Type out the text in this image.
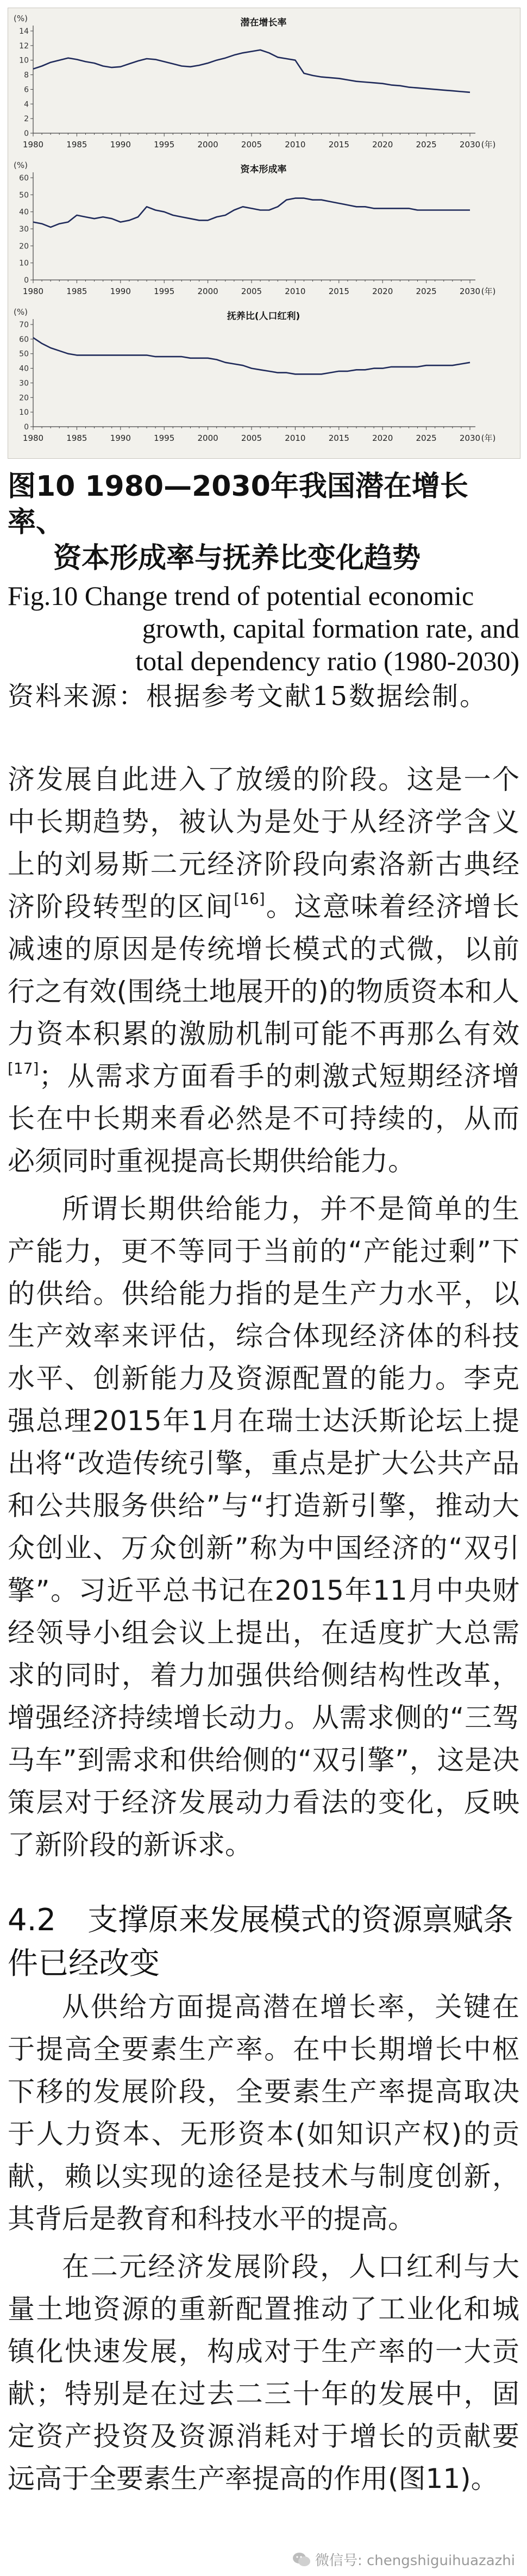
(%)	潜在增长率
0
2
4
6
8
10
12
14
1980	1985	1990	1995	2000	2005	2010	2015	2020	2025	2030 (年)
(%)	资本形成率
0
10
20
30
40
50
60
1980	1985	1990	1995	2000	2005	2010	2015	2020	2025	2030 (年)
(%)	抚养比(人口红利)
0
10
20
30
40
50
60
70
1980	1985	1990	1995	2000	2005	2010	2015	2020	2025	2030 (年)
图10 1980—2030年我国潜在增长率、
资本形成率与抚养比变化趋势
Fig.10 Change trend of potential economic
growth, capital formation rate, and
total dependency ratio (1980-2030)
资料来源：根据参考文献15数据绘制。

济发展自此进入了放缓的阶段。这是一个中长期趋势，被认为是处于从经济学含义上的刘易斯二元经济阶段向索洛新古典经济阶段转型的区间[16]。这意味着经济增长减速的原因是传统增长模式的式微，以前行之有效(围绕土地展开的)的物质资本和人力资本积累的激励机制可能不再那么有效[17]；从需求方面看手的刺激式短期经济增长在中长期来看必然是不可持续的，从而必须同时重视提高长期供给能力。

所谓长期供给能力，并不是简单的生产能力，更不等同于当前的“产能过剩”下的供给。供给能力指的是生产力水平，以生产效率来评估，综合体现经济体的科技水平、创新能力及资源配置的能力。李克强总理2015年1月在瑞士达沃斯论坛上提出将“改造传统引擎，重点是扩大公共产品和公共服务供给”与“打造新引擎，推动大众创业、万众创新”称为中国经济的“双引擎”。习近平总书记在2015年11月中央财经领导小组会议上提出，在适度扩大总需求的同时，着力加强供给侧结构性改革，增强经济持续增长动力。从需求侧的“三驾马车”到需求和供给侧的“双引擎”，这是决策层对于经济发展动力看法的变化，反映了新阶段的新诉求。

4.2 支撑原来发展模式的资源禀赋条件已经改变

从供给方面提高潜在增长率，关键在于提高全要素生产率。在中长期增长中枢下移的发展阶段，全要素生产率提高取决于人力资本、无形资本(如知识产权)的贡献，赖以实现的途径是技术与制度创新，其背后是教育和科技水平的提高。

在二元经济发展阶段，人口红利与大量土地资源的重新配置推动了工业化和城镇化快速发展，构成对于生产率的一大贡献；特别是在过去二三十年的发展中，固定资产投资及资源消耗对于增长的贡献要远高于全要素生产率提高的作用(图11)。

微信号: chengshiguihuazazhi
